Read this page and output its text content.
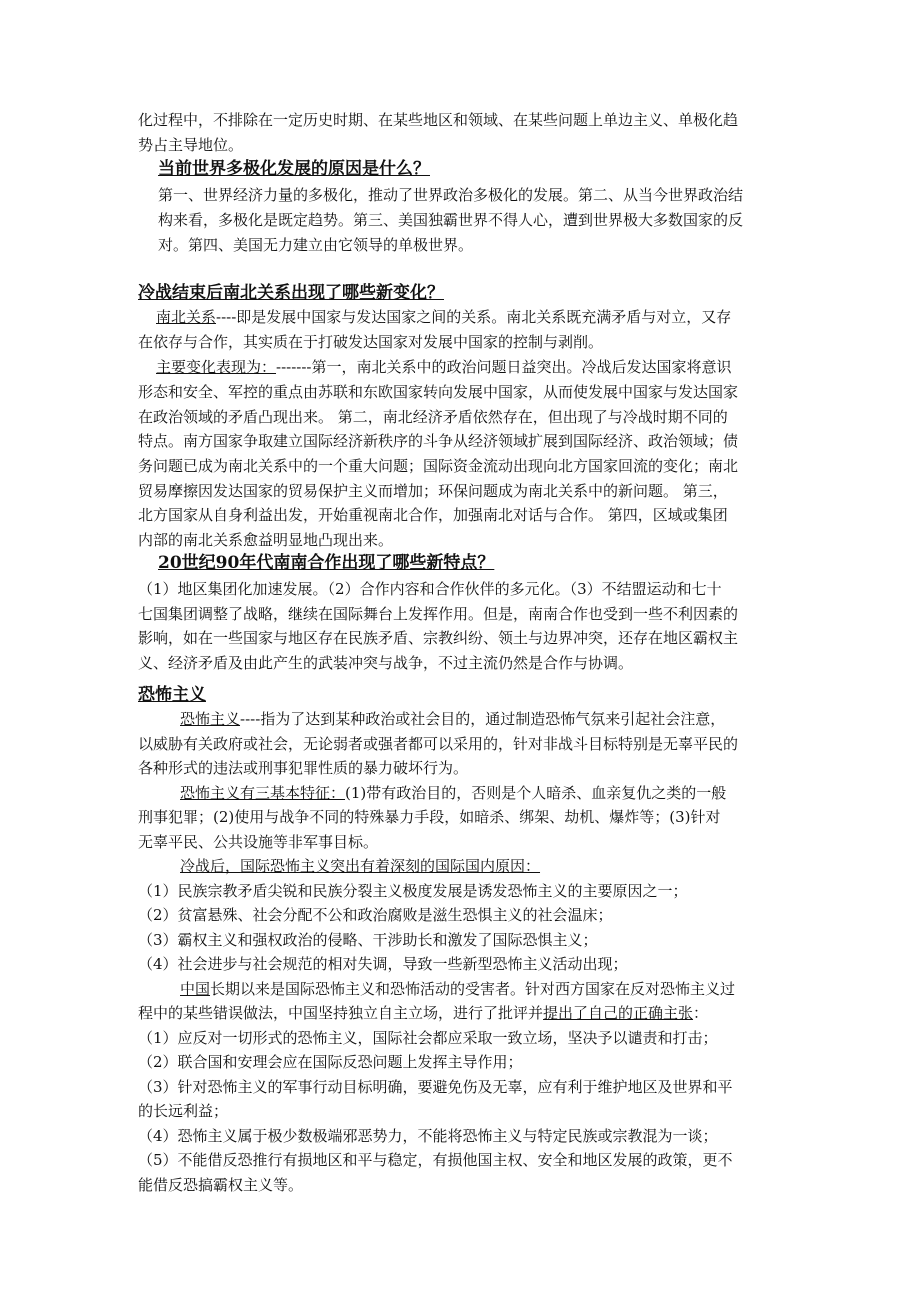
化过程中，不排除在一定历史时期、在某些地区和领域、在某些问题上单边主义、单极化趋
势占主导地位。
当前世界多极化发展的原因是什么？
第一、世界经济力量的多极化，推动了世界政治多极化的发展。第二、从当今世界政治结
构来看，多极化是既定趋势。第三、美国独霸世界不得人心，遭到世界极大多数国家的反
对。第四、美国无力建立由它领导的单极世界。
冷战结束后南北关系出现了哪些新变化？
南北关系----即是发展中国家与发达国家之间的关系。南北关系既充满矛盾与对立，又存
在依存与合作，其实质在于打破发达国家对发展中国家的控制与剥削。
主要变化表现为：-------第一，南北关系中的政治问题日益突出。冷战后发达国家将意识
形态和安全、军控的重点由苏联和东欧国家转向发展中国家，从而使发展中国家与发达国家
在政治领域的矛盾凸现出来。 第二，南北经济矛盾依然存在，但出现了与冷战时期不同的
特点。南方国家争取建立国际经济新秩序的斗争从经济领域扩展到国际经济、政治领域；债
务问题已成为南北关系中的一个重大问题；国际资金流动出现向北方国家回流的变化；南北
贸易摩擦因发达国家的贸易保护主义而增加；环保问题成为南北关系中的新问题。 第三，
北方国家从自身利益出发，开始重视南北合作，加强南北对话与合作。 第四，区域或集团
内部的南北关系愈益明显地凸现出来。
20世纪90年代南南合作出现了哪些新特点？
（1）地区集团化加速发展。（2）合作内容和合作伙伴的多元化。（3）不结盟运动和七十
七国集团调整了战略，继续在国际舞台上发挥作用。但是，南南合作也受到一些不利因素的
影响，如在一些国家与地区存在民族矛盾、宗教纠纷、领土与边界冲突，还存在地区霸权主
义、经济矛盾及由此产生的武装冲突与战争，不过主流仍然是合作与协调。
恐怖主义
恐怖主义----指为了达到某种政治或社会目的，通过制造恐怖气氛来引起社会注意，
以威胁有关政府或社会，无论弱者或强者都可以采用的，针对非战斗目标特别是无辜平民的
各种形式的违法或刑事犯罪性质的暴力破坏行为。
恐怖主义有三基本特征：(1)带有政治目的，否则是个人暗杀、血亲复仇之类的一般
刑事犯罪；(2)使用与战争不同的特殊暴力手段，如暗杀、绑架、劫机、爆炸等；(3)针对
无辜平民、公共设施等非军事目标。
冷战后，国际恐怖主义突出有着深刻的国际国内原因：
（1）民族宗教矛盾尖锐和民族分裂主义极度发展是诱发恐怖主义的主要原因之一；
（2）贫富悬殊、社会分配不公和政治腐败是滋生恐惧主义的社会温床；
（3）霸权主义和强权政治的侵略、干涉助长和激发了国际恐惧主义；
（4）社会进步与社会规范的相对失调，导致一些新型恐怖主义活动出现；
中国长期以来是国际恐怖主义和恐怖活动的受害者。针对西方国家在反对恐怖主义过
程中的某些错误做法，中国坚持独立自主立场，进行了批评并提出了自己的正确主张：
（1）应反对一切形式的恐怖主义，国际社会都应采取一致立场，坚决予以谴责和打击；
（2）联合国和安理会应在国际反恐问题上发挥主导作用；
（3）针对恐怖主义的军事行动目标明确，要避免伤及无辜，应有利于维护地区及世界和平
的长远利益；
（4）恐怖主义属于极少数极端邪恶势力，不能将恐怖主义与特定民族或宗教混为一谈；
（5）不能借反恐推行有损地区和平与稳定，有损他国主权、安全和地区发展的政策，更不
能借反恐搞霸权主义等。
